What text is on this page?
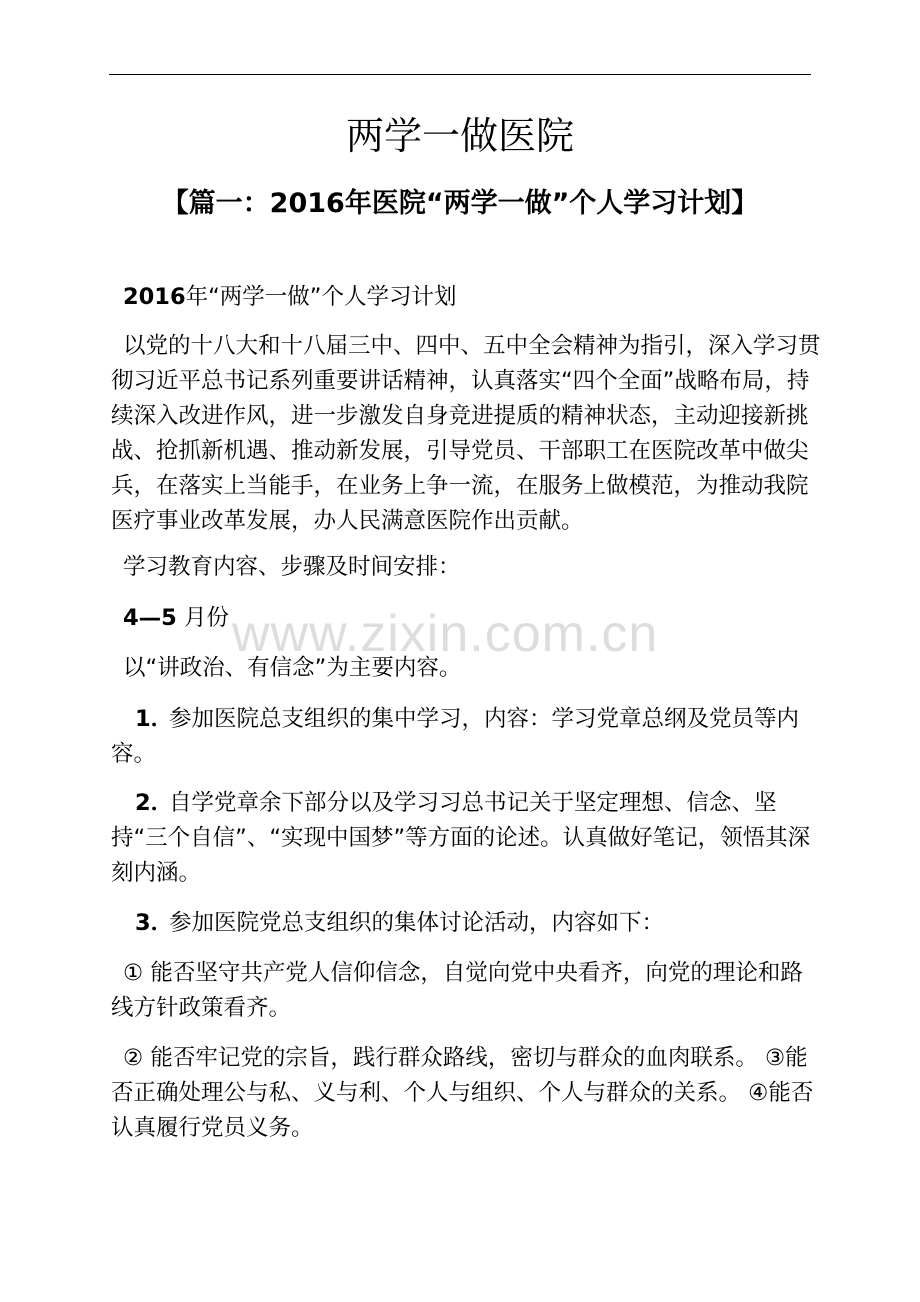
两学一做医院
【篇一：2016年医院“两学一做”个人学习计划】

2016年“两学一做”个人学习计划

以党的十八大和十八届三中、四中、五中全会精神为指引，深入学习贯彻习近平总书记系列重要讲话精神，认真落实“四个全面”战略布局，持续深入改进作风，进一步激发自身竞进提质的精神状态，主动迎接新挑战、抢抓新机遇、推动新发展，引导党员、干部职工在医院改革中做尖兵，在落实上当能手，在业务上争一流，在服务上做模范，为推动我院医疗事业改革发展，办人民满意医院作出贡献。

学习教育内容、步骤及时间安排：

4—5 月份

以“讲政治、有信念”为主要内容。

1．参加医院总支组织的集中学习，内容：学习党章总纲及党员等内容。

2．自学党章余下部分以及学习习总书记关于坚定理想、信念、坚持“三个自信”、“实现中国梦”等方面的论述。认真做好笔记，领悟其深刻内涵。

3．参加医院党总支组织的集体讨论活动，内容如下：

① 能否坚守共产党人信仰信念，自觉向党中央看齐，向党的理论和路线方针政策看齐。

② 能否牢记党的宗旨，践行群众路线，密切与群众的血肉联系。 ③能否正确处理公与私、义与利、个人与组织、个人与群众的关系。 ④能否认真履行党员义务。

www.zixin.com.cn
